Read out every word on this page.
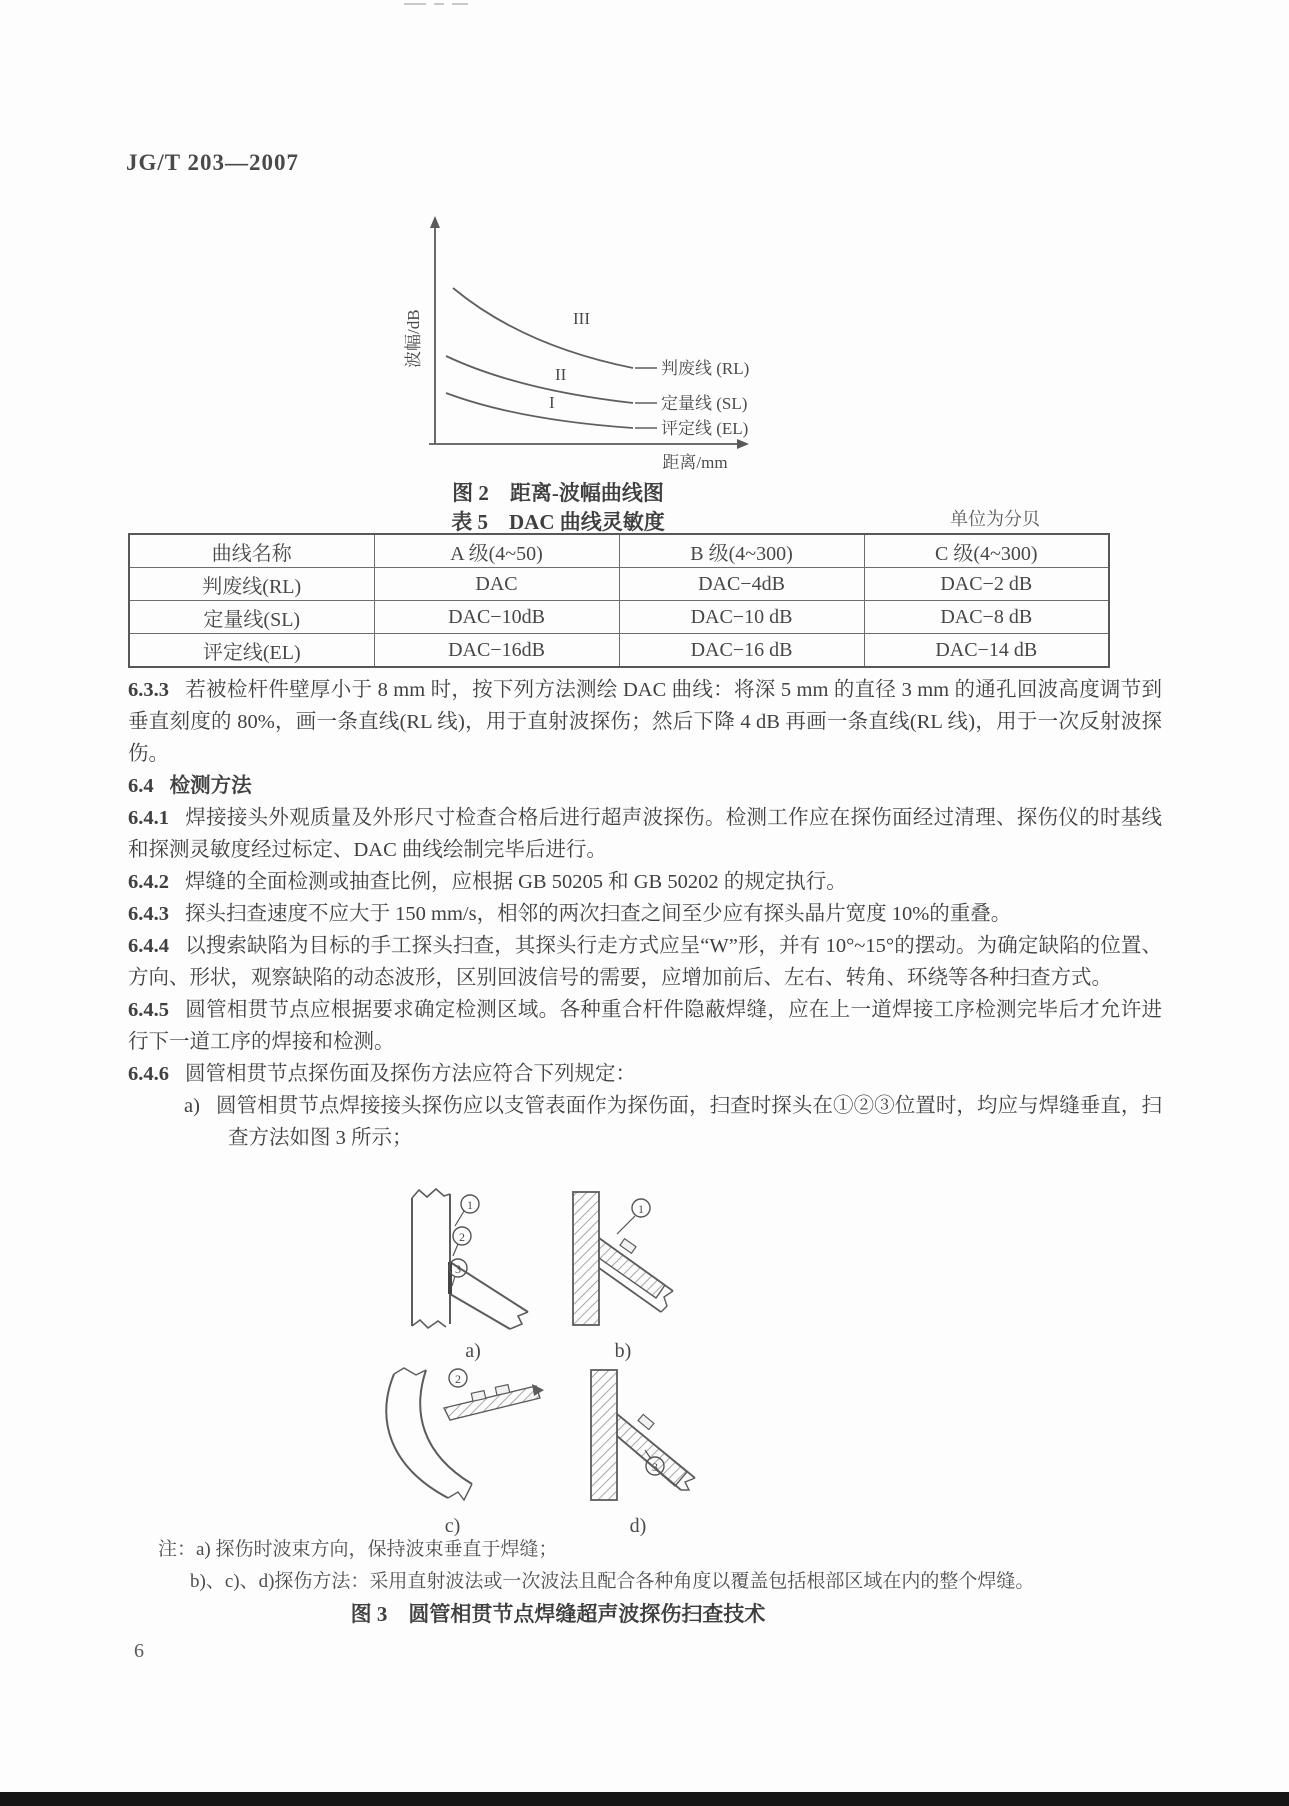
JG/T 203—2007
波幅/dB
距离/mm
III
II
I
判废线 (RL)
定量线 (SL)
评定线 (EL)
图 2　距离-波幅曲线图
表 5　DAC 曲线灵敏度	单位为分贝
曲线名称	A 级(4~50)	B 级(4~300)	C 级(4~300)
判废线(RL)	DAC	DAC−4dB	DAC−2 dB
定量线(SL)	DAC−10dB	DAC−10 dB	DAC−8 dB
评定线(EL)	DAC−16dB	DAC−16 dB	DAC−14 dB

6.3.3 若被检杆件壁厚小于 8 mm 时，按下列方法测绘 DAC 曲线：将深 5 mm 的直径 3 mm 的通孔回波高度调节到垂直刻度的 80%，画一条直线(RL 线)，用于直射波探伤；然后下降 4 dB 再画一条直线(RL 线)，用于一次反射波探伤。

6.4 检测方法

6.4.1 焊接接头外观质量及外形尺寸检查合格后进行超声波探伤。检测工作应在探伤面经过清理、探伤仪的时基线和探测灵敏度经过标定、DAC 曲线绘制完毕后进行。

6.4.2 焊缝的全面检测或抽查比例，应根据 GB 50205 和 GB 50202 的规定执行。

6.4.3 探头扫查速度不应大于 150 mm/s，相邻的两次扫查之间至少应有探头晶片宽度 10%的重叠。

6.4.4 以搜索缺陷为目标的手工探头扫查，其探头行走方式应呈“W”形，并有 10°~15°的摆动。为确定缺陷的位置、方向、形状，观察缺陷的动态波形，区别回波信号的需要，应增加前后、左右、转角、环绕等各种扫查方式。

6.4.5 圆管相贯节点应根据要求确定检测区域。各种重合杆件隐蔽焊缝，应在上一道焊接工序检测完毕后才允许进行下一道工序的焊接和检测。

6.4.6 圆管相贯节点探伤面及探伤方法应符合下列规定：

a) 圆管相贯节点焊接接头探伤应以支管表面作为探伤面，扫查时探头在①②③位置时，均应与焊缝垂直，扫查方法如图 3 所示；

1
2
3
a)
1
b)
2
c)
3
d)
注：a) 探伤时波束方向，保持波束垂直于焊缝；
b)、c)、d)探伤方法：采用直射波法或一次波法且配合各种角度以覆盖包括根部区域在内的整个焊缝。
图 3　圆管相贯节点焊缝超声波探伤扫查技术
6
